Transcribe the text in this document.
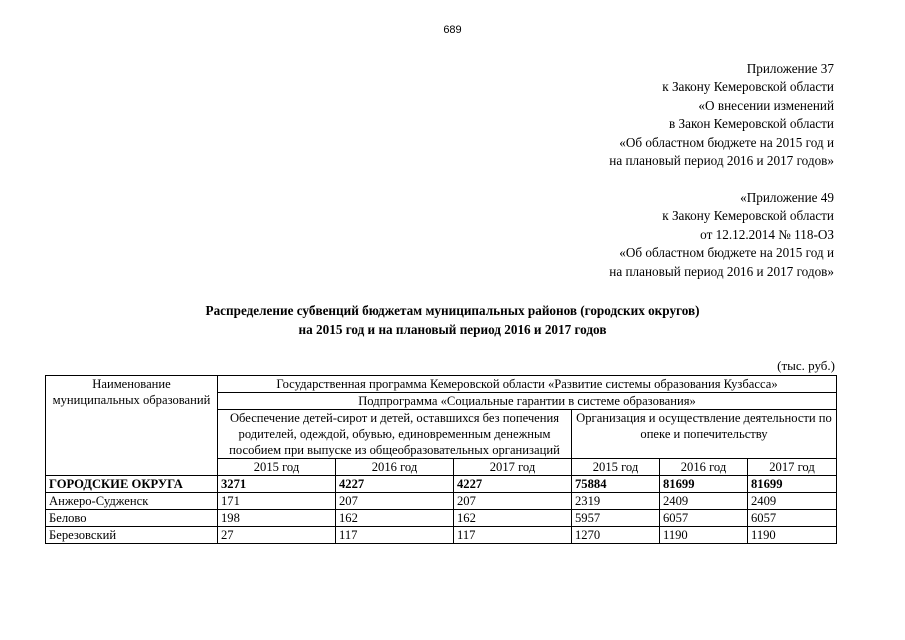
689
Приложение 37
к Закону Кемеровской области
«О внесении изменений
в Закон Кемеровской области
«Об областном бюджете на 2015 год и
на плановый период 2016 и 2017 годов»
«Приложение 49
к Закону Кемеровской области
от 12.12.2014 № 118-ОЗ
«Об областном бюджете на 2015 год и
на плановый период 2016 и 2017 годов»
Распределение субвенций бюджетам муниципальных районов (городских округов)
на 2015 год и на плановый период 2016 и 2017 годов
(тыс. руб.)
Наименование муниципальных образований	Государственная программа Кемеровской области «Развитие системы образования Кузбасса»					
	Подпрограмма «Социальные гарантии в системе образования»					
	Обеспечение детей-сирот и детей, оставшихся без попечения родителей, одеждой, обувью, единовременным денежным пособием при выпуске из общеобразовательных организаций			Организация и осуществление деятельности по опеке и попечительству		
	2015 год	2016 год	2017 год	2015 год	2016 год	2017 год
ГОРОДСКИЕ ОКРУГА	3271	4227	4227	75884	81699	81699
Анжеро-Судженск	171	207	207	2319	2409	2409
Белово	198	162	162	5957	6057	6057
Березовский	27	117	117	1270	1190	1190
